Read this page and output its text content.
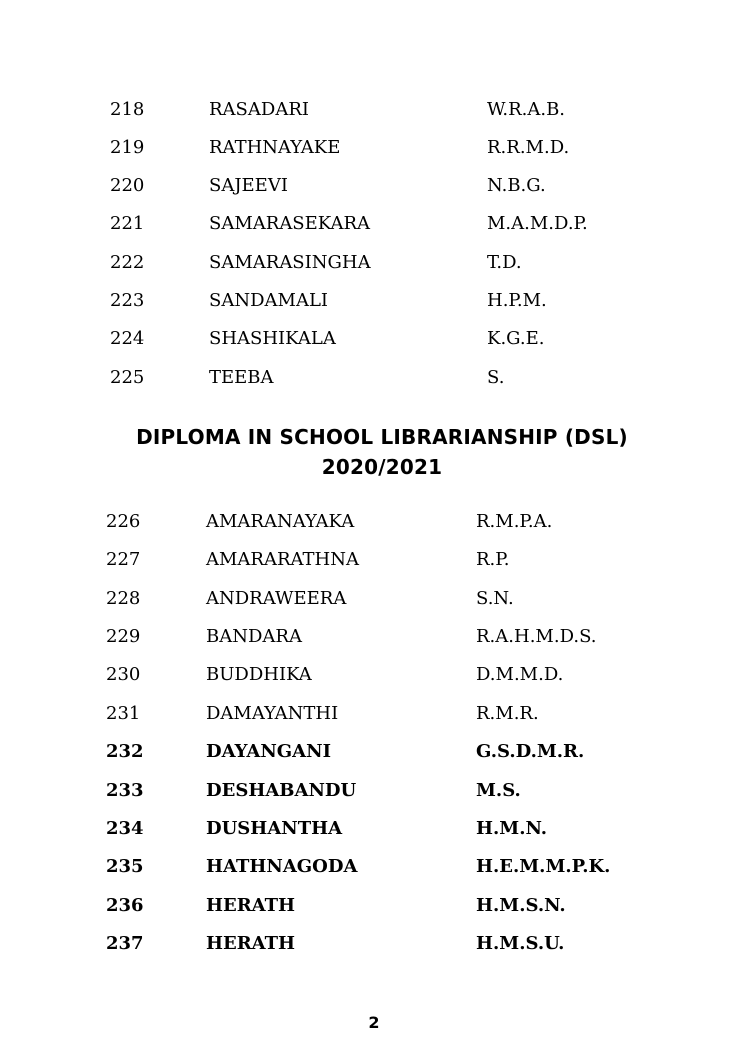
218	RASADARI	W.R.A.B.
219	RATHNAYAKE	R.R.M.D.
220	SAJEEVI	N.B.G.
221	SAMARASEKARA	M.A.M.D.P.
222	SAMARASINGHA	T.D.
223	SANDAMALI	H.P.M.
224	SHASHIKALA	K.G.E.
225	TEEBA	S.
DIPLOMA IN SCHOOL LIBRARIANSHIP (DSL)
2020/2021
226	AMARANAYAKA	R.M.P.A.
227	AMARARATHNA	R.P.
228	ANDRAWEERA	S.N.
229	BANDARA	R.A.H.M.D.S.
230	BUDDHIKA	D.M.M.D.
231	DAMAYANTHI	R.M.R.
232	DAYANGANI	G.S.D.M.R.
233	DESHABANDU	M.S.
234	DUSHANTHA	H.M.N.
235	HATHNAGODA	H.E.M.M.P.K.
236	HERATH	H.M.S.N.
237	HERATH	H.M.S.U.
2
